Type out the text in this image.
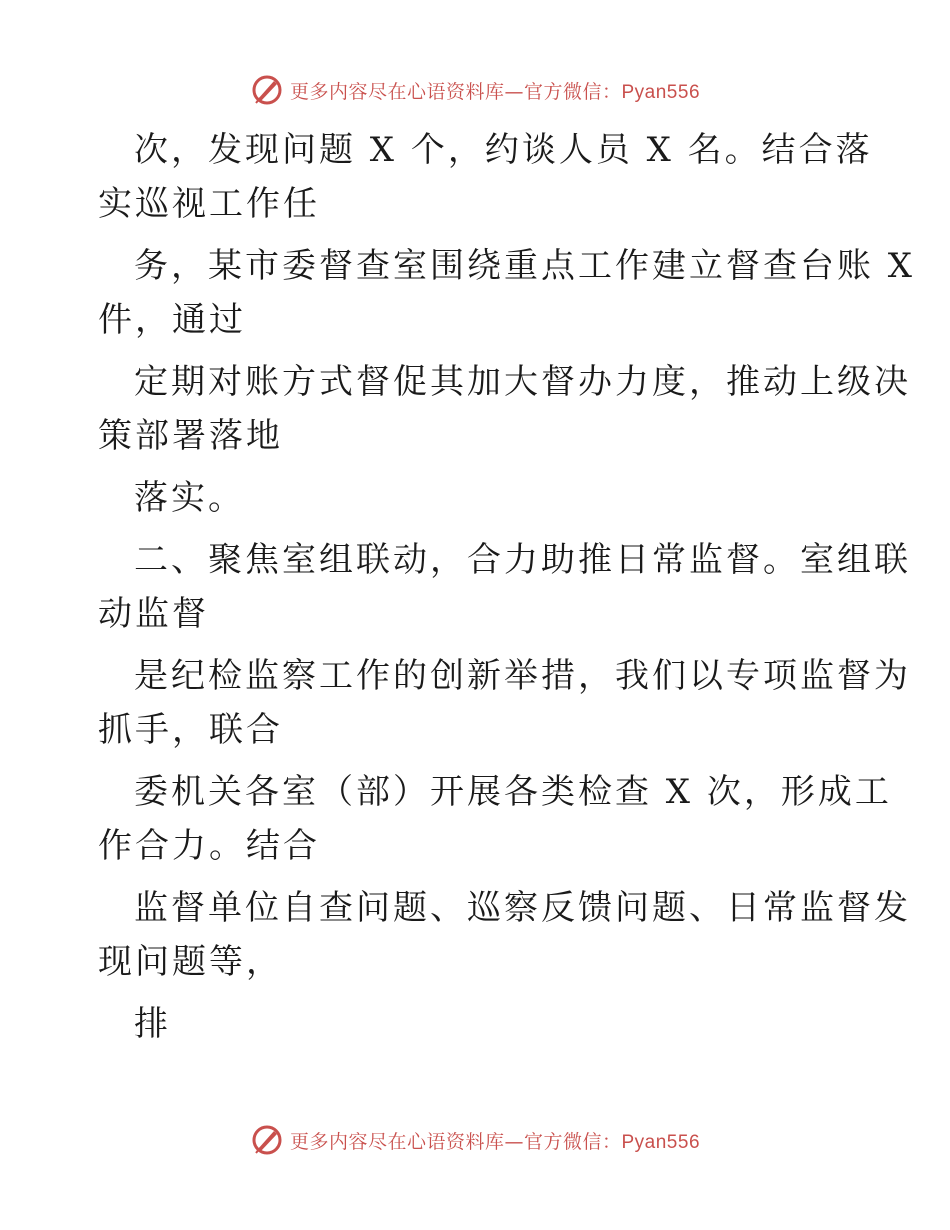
更多内容尽在心语资料库—官方微信：Pyan556
次，发现问题 X 个，约谈人员 X 名。结合落
实巡视工作任
务，某市委督查室围绕重点工作建立督查台账 X
件，通过
定期对账方式督促其加大督办力度，推动上级决
策部署落地
落实。
二、聚焦室组联动，合力助推日常监督。室组联
动监督
是纪检监察工作的创新举措，我们以专项监督为
抓手，联合
委机关各室（部）开展各类检查 X 次，形成工
作合力。结合
监督单位自查问题、巡察反馈问题、日常监督发
现问题等，
排
更多内容尽在心语资料库—官方微信：Pyan556
